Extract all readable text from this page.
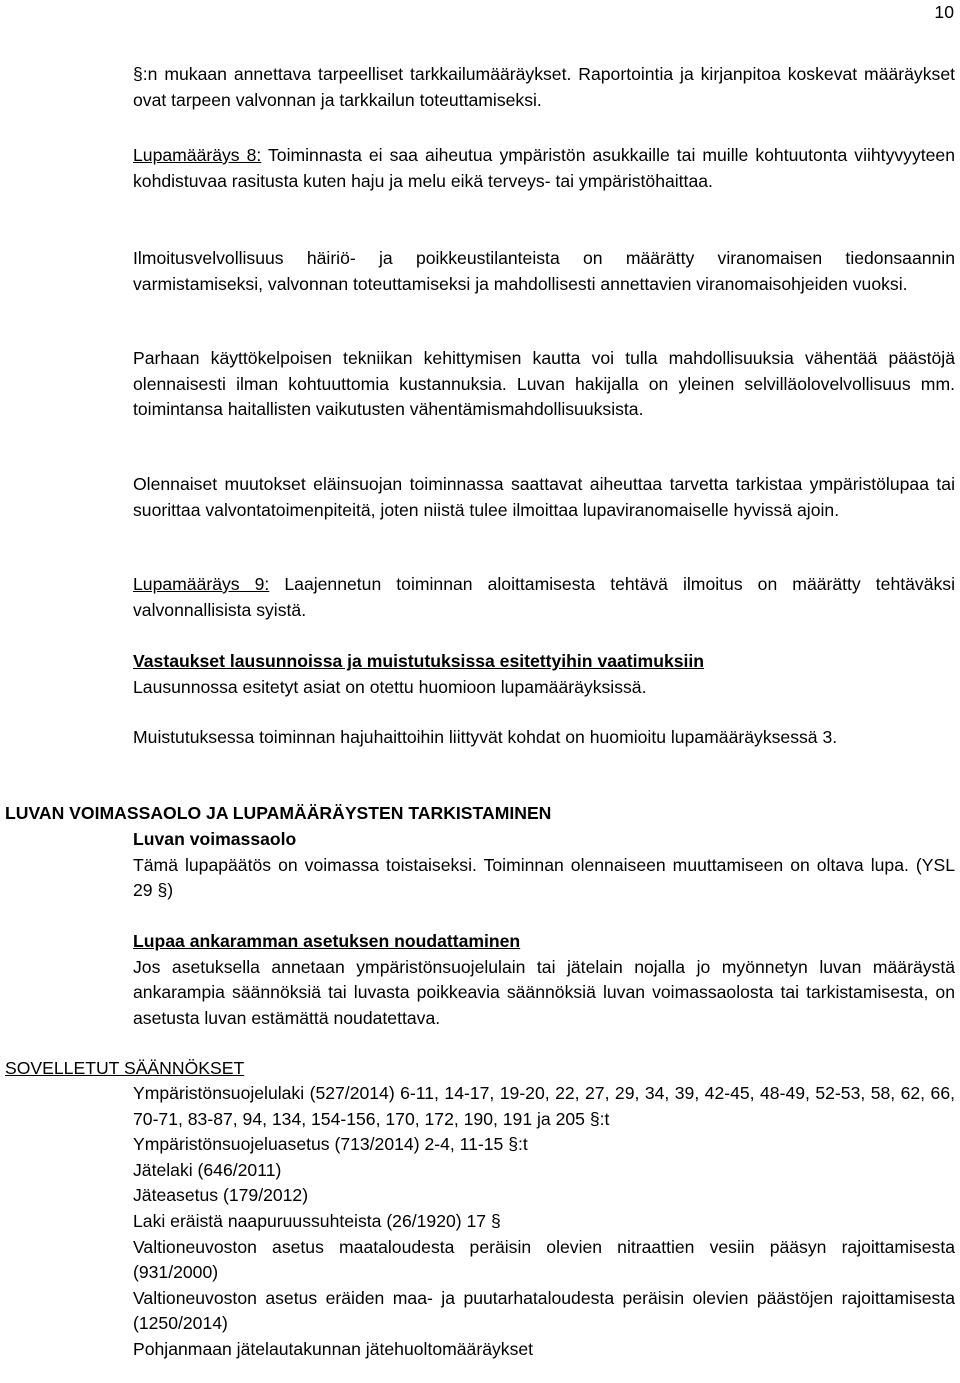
10

§:n mukaan annettava tarpeelliset tarkkailumääräykset. Raportointia ja kirjanpitoa koskevat määräykset ovat tarpeen valvonnan ja tarkkailun toteuttamiseksi.

Lupamääräys 8: Toiminnasta ei saa aiheutua ympäristön asukkaille tai muille kohtuutonta viihtyvyyteen kohdistuvaa rasitusta kuten haju ja melu eikä terveys- tai ympäristöhaittaa.

Ilmoitusvelvollisuus häiriö- ja poikkeustilanteista on määrätty viranomaisen tiedonsaannin varmistamiseksi, valvonnan toteuttamiseksi ja mahdollisesti annettavien viranomaisohjeiden vuoksi.

Parhaan käyttökelpoisen tekniikan kehittymisen kautta voi tulla mahdollisuuksia vähentää päästöjä olennaisesti ilman kohtuuttomia kustannuksia. Luvan hakijalla on yleinen selvilläolovelvollisuus mm. toimintansa haitallisten vaikutusten vähentämismahdollisuuksista.

Olennaiset muutokset eläinsuojan toiminnassa saattavat aiheuttaa tarvetta tarkistaa ympäristölupaa tai suorittaa valvontatoimenpiteitä, joten niistä tulee ilmoittaa lupaviranomaiselle hyvissä ajoin.

Lupamääräys 9: Laajennetun toiminnan aloittamisesta tehtävä ilmoitus on määrätty tehtäväksi valvonnallisista syistä.

Vastaukset lausunnoissa ja muistutuksissa esitettyihin vaatimuksiin

Lausunnossa esitetyt asiat on otettu huomioon lupamääräyksissä.

Muistutuksessa toiminnan hajuhaittoihin liittyvät kohdat on huomioitu lupamääräyksessä 3.

LUVAN VOIMASSAOLO JA LUPAMÄÄRÄYSTEN TARKISTAMINEN

Luvan voimassaolo

Tämä lupapäätös on voimassa toistaiseksi. Toiminnan olennaiseen muuttamiseen on oltava lupa. (YSL 29 §)

Lupaa ankaramman asetuksen noudattaminen

Jos asetuksella annetaan ympäristönsuojelulain tai jätelain nojalla jo myönnetyn luvan määräystä ankarampia säännöksiä tai luvasta poikkeavia säännöksiä luvan voimassaolosta tai tarkistamisesta, on asetusta luvan estämättä noudatettava.

SOVELLETUT SÄÄNNÖKSET

Ympäristönsuojelulaki (527/2014) 6-11, 14-17, 19-20, 22, 27, 29, 34, 39, 42-45, 48-49, 52-53, 58, 62, 66, 70-71, 83-87, 94, 134, 154-156, 170, 172, 190, 191 ja 205 §:t

Ympäristönsuojeluasetus (713/2014) 2-4, 11-15 §:t

Jätelaki (646/2011)

Jäteasetus (179/2012)

Laki eräistä naapuruussuhteista (26/1920) 17 §

Valtioneuvoston asetus maataloudesta peräisin olevien nitraattien vesiin pääsyn rajoittamisesta (931/2000)

Valtioneuvoston asetus eräiden maa- ja puutarhataloudesta peräisin olevien päästöjen rajoittamisesta (1250/2014)

Pohjanmaan jätelautakunnan jätehuoltomääräykset
